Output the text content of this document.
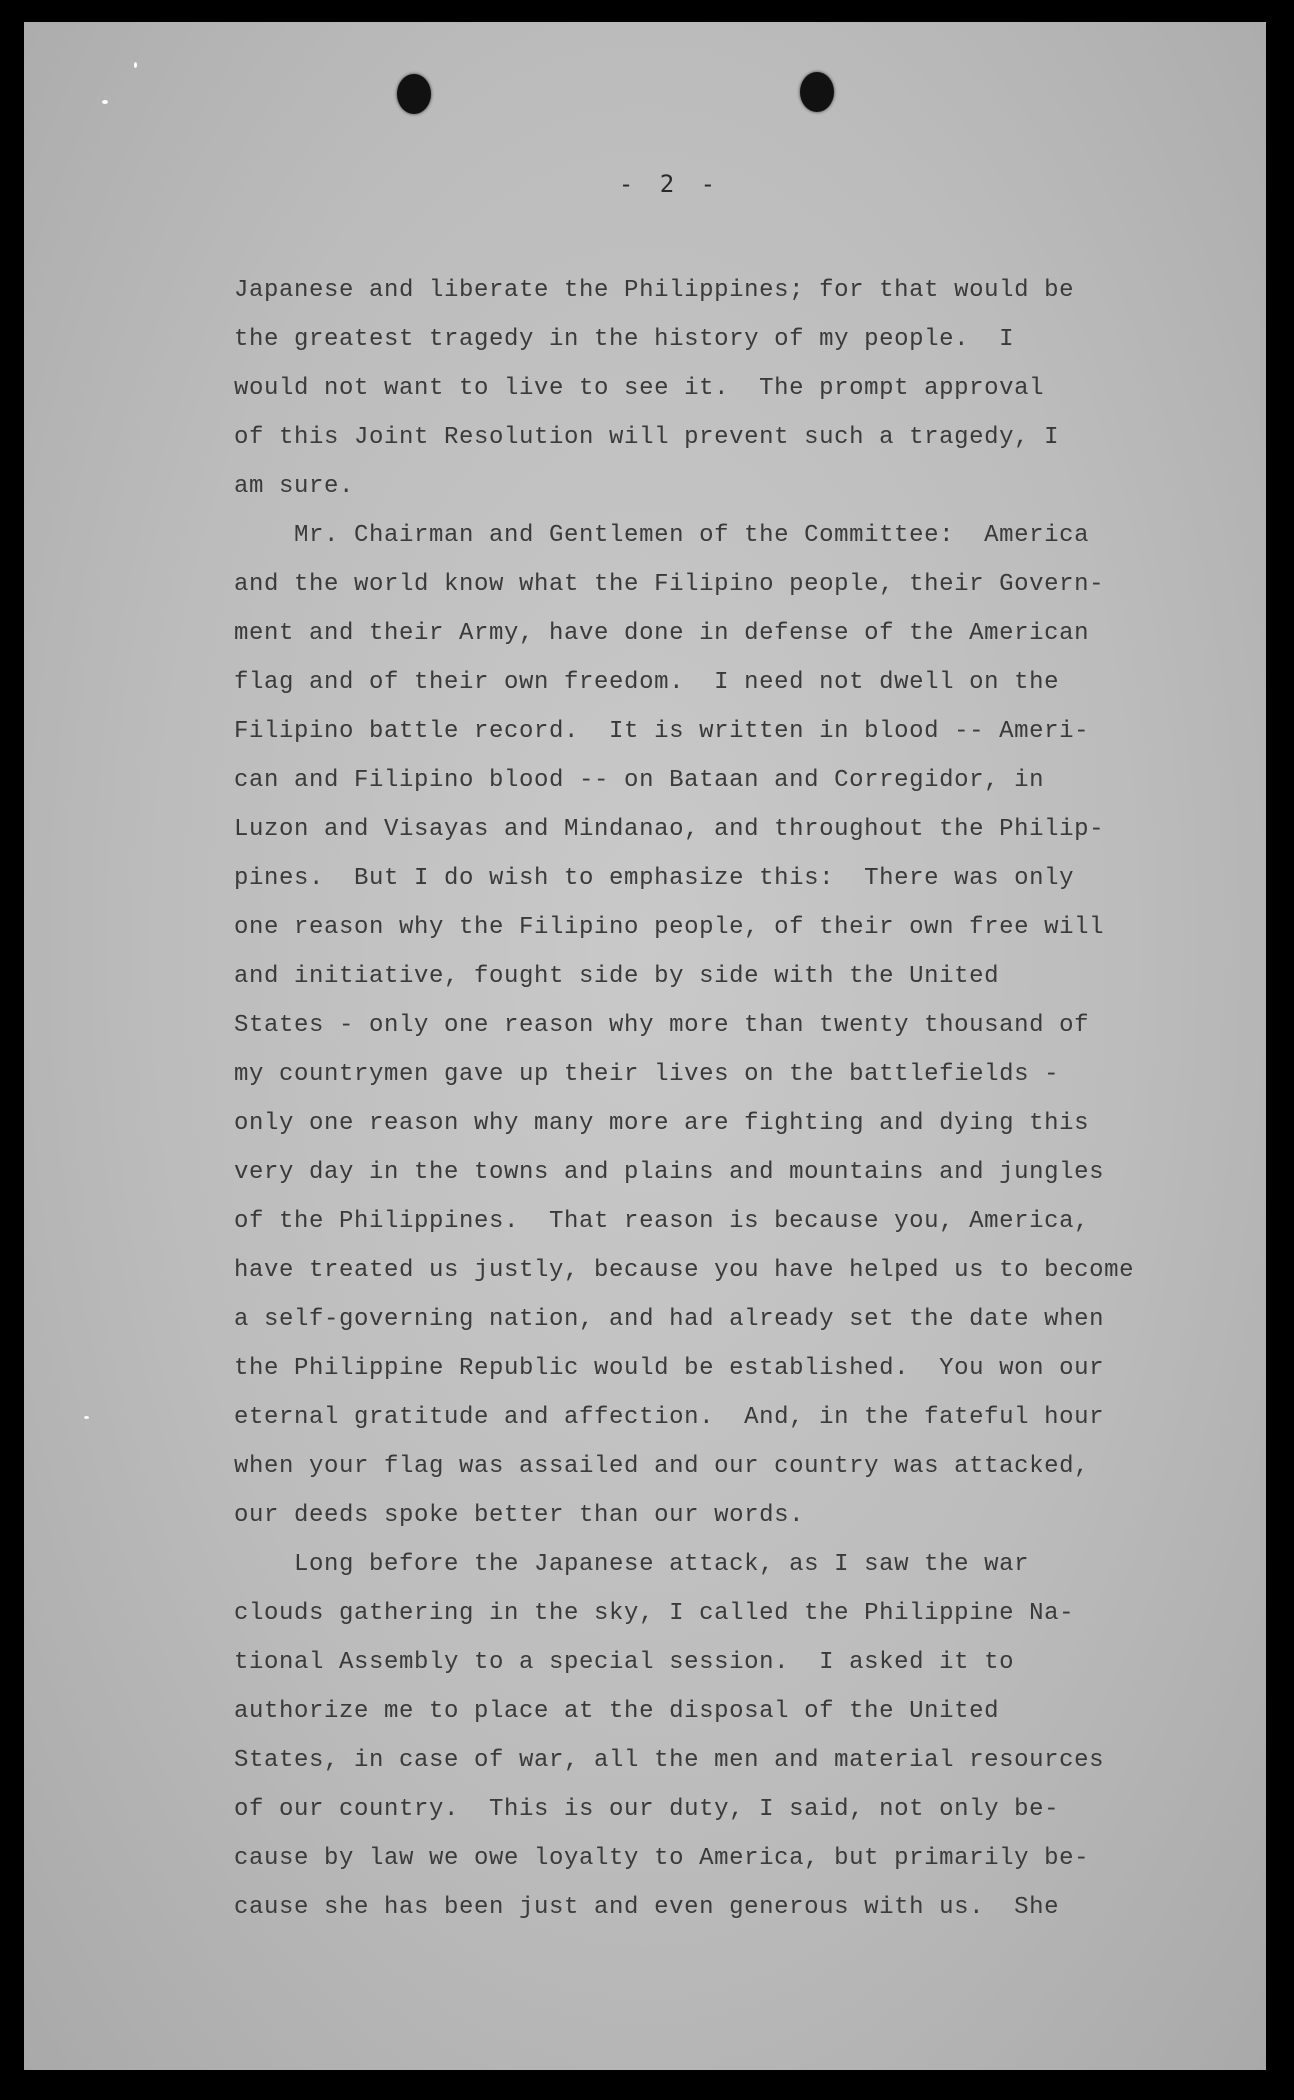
- 2 -
Japanese and liberate the Philippines; for that would be
the greatest tragedy in the history of my people.  I
would not want to live to see it.  The prompt approval
of this Joint Resolution will prevent such a tragedy, I
am sure.
Mr. Chairman and Gentlemen of the Committee:  America
and the world know what the Filipino people, their Govern-
ment and their Army, have done in defense of the American
flag and of their own freedom.  I need not dwell on the
Filipino battle record.  It is written in blood -- Ameri-
can and Filipino blood -- on Bataan and Corregidor, in
Luzon and Visayas and Mindanao, and throughout the Philip-
pines.  But I do wish to emphasize this:  There was only
one reason why the Filipino people, of their own free will
and initiative, fought side by side with the United
States - only one reason why more than twenty thousand of
my countrymen gave up their lives on the battlefields -
only one reason why many more are fighting and dying this
very day in the towns and plains and mountains and jungles
of the Philippines.  That reason is because you, America,
have treated us justly, because you have helped us to become
a self-governing nation, and had already set the date when
the Philippine Republic would be established.  You won our
eternal gratitude and affection.  And, in the fateful hour
when your flag was assailed and our country was attacked,
our deeds spoke better than our words.
Long before the Japanese attack, as I saw the war
clouds gathering in the sky, I called the Philippine Na-
tional Assembly to a special session.  I asked it to
authorize me to place at the disposal of the United
States, in case of war, all the men and material resources
of our country.  This is our duty, I said, not only be-
cause by law we owe loyalty to America, but primarily be-
cause she has been just and even generous with us.  She
